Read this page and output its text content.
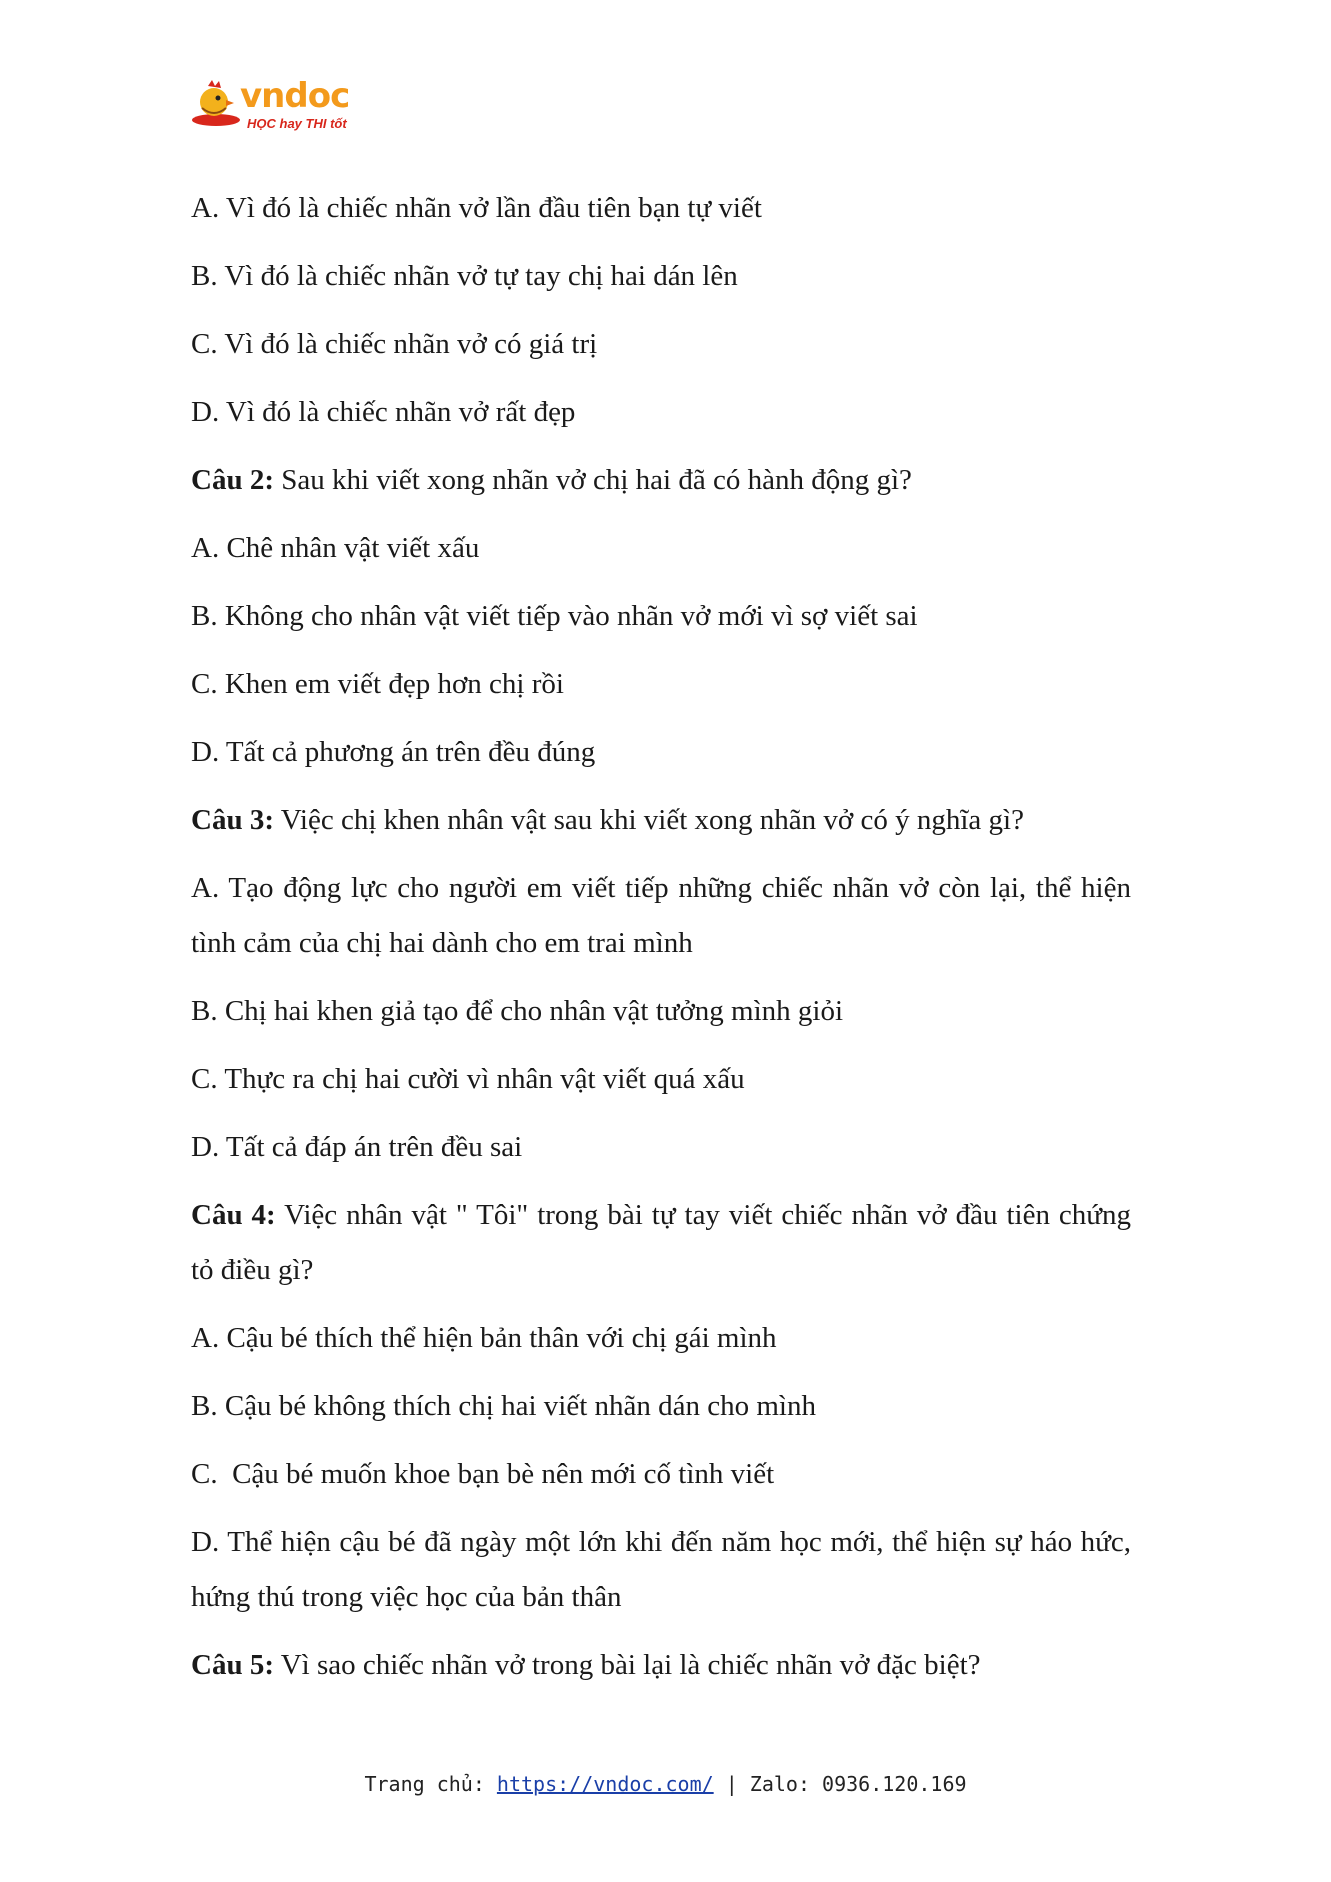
vndoc
HỌC hay THI tốt

A. Vì đó là chiếc nhãn vở lần đầu tiên bạn tự viết

B. Vì đó là chiếc nhãn vở tự tay chị hai dán lên

C. Vì đó là chiếc nhãn vở có giá trị

D. Vì đó là chiếc nhãn vở rất đẹp

Câu 2: Sau khi viết xong nhãn vở chị hai đã có hành động gì?

A. Chê nhân vật viết xấu

B. Không cho nhân vật viết tiếp vào nhãn vở mới vì sợ viết sai

C. Khen em viết đẹp hơn chị rồi

D. Tất cả phương án trên đều đúng

Câu 3: Việc chị khen nhân vật sau khi viết xong nhãn vở có ý nghĩa gì?

A. Tạo động lực cho người em viết tiếp những chiếc nhãn vở còn lại, thể hiện tình cảm của chị hai dành cho em trai mình

B. Chị hai khen giả tạo để cho nhân vật tưởng mình giỏi

C. Thực ra chị hai cười vì nhân vật viết quá xấu

D. Tất cả đáp án trên đều sai

Câu 4: Việc nhân vật " Tôi" trong bài tự tay viết chiếc nhãn vở đầu tiên chứng tỏ điều gì?

A. Cậu bé thích thể hiện bản thân với chị gái mình

B. Cậu bé không thích chị hai viết nhãn dán cho mình

C.  Cậu bé muốn khoe bạn bè nên mới cố tình viết

D. Thể hiện cậu bé đã ngày một lớn khi đến năm học mới, thể hiện sự háo hức, hứng thú trong việc học của bản thân

Câu 5: Vì sao chiếc nhãn vở trong bài lại là chiếc nhãn vở đặc biệt?

Trang chủ: https://vndoc.com/ | Zalo: 0936.120.169
